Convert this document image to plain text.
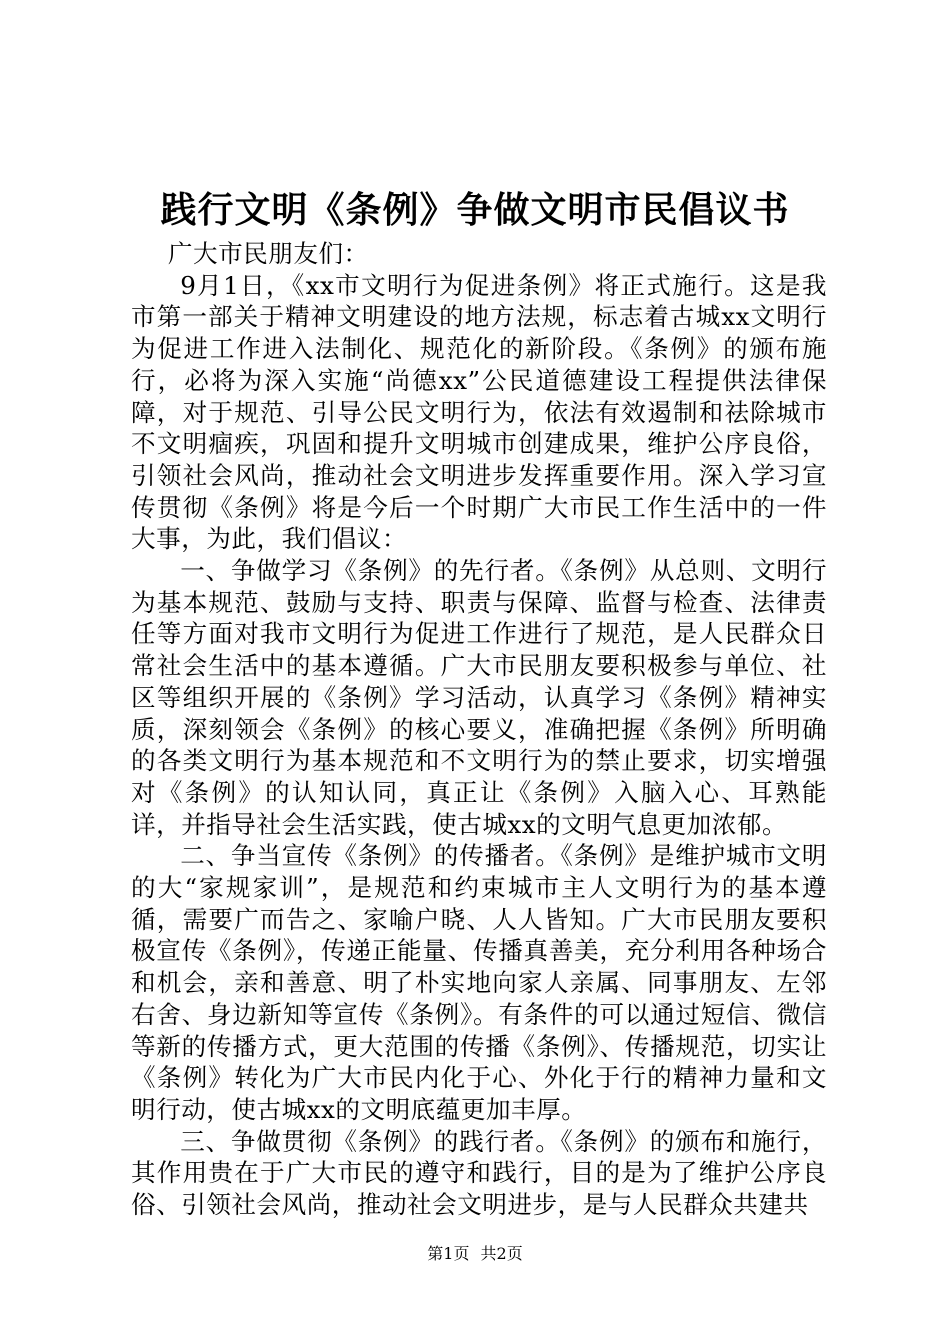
践行文明《条例》争做文明市民倡议书

广大市民朋友们：

9月1日，《xx市文明行为促进条例》将正式施行。这是我市第一部关于精神文明建设的地方法规，标志着古城xx文明行为促进工作进入法制化、规范化的新阶段。《条例》的颁布施行，必将为深入实施“尚德xx”公民道德建设工程提供法律保障，对于规范、引导公民文明行为，依法有效遏制和祛除城市不文明痼疾，巩固和提升文明城市创建成果，维护公序良俗，引领社会风尚，推动社会文明进步发挥重要作用。深入学习宣传贯彻《条例》将是今后一个时期广大市民工作生活中的一件大事，为此，我们倡议：

一、争做学习《条例》的先行者。《条例》从总则、文明行为基本规范、鼓励与支持、职责与保障、监督与检查、法律责任等方面对我市文明行为促进工作进行了规范，是人民群众日常社会生活中的基本遵循。广大市民朋友要积极参与单位、社区等组织开展的《条例》学习活动，认真学习《条例》精神实质，深刻领会《条例》的核心要义，准确把握《条例》所明确的各类文明行为基本规范和不文明行为的禁止要求，切实增强对《条例》的认知认同，真正让《条例》入脑入心、耳熟能详，并指导社会生活实践，使古城xx的文明气息更加浓郁。

二、争当宣传《条例》的传播者。《条例》是维护城市文明的大“家规家训”，是规范和约束城市主人文明行为的基本遵循，需要广而告之、家喻户晓、人人皆知。广大市民朋友要积极宣传《条例》，传递正能量、传播真善美，充分利用各种场合和机会，亲和善意、明了朴实地向家人亲属、同事朋友、左邻右舍、身边新知等宣传《条例》。有条件的可以通过短信、微信等新的传播方式，更大范围的传播《条例》、传播规范，切实让《条例》转化为广大市民内化于心、外化于行的精神力量和文明行动，使古城xx的文明底蕴更加丰厚。

三、争做贯彻《条例》的践行者。《条例》的颁布和施行，其作用贵在于广大市民的遵守和践行，目的是为了维护公序良俗、引领社会风尚，推动社会文明进步，是与人民群众共建共

第1页 共2页
